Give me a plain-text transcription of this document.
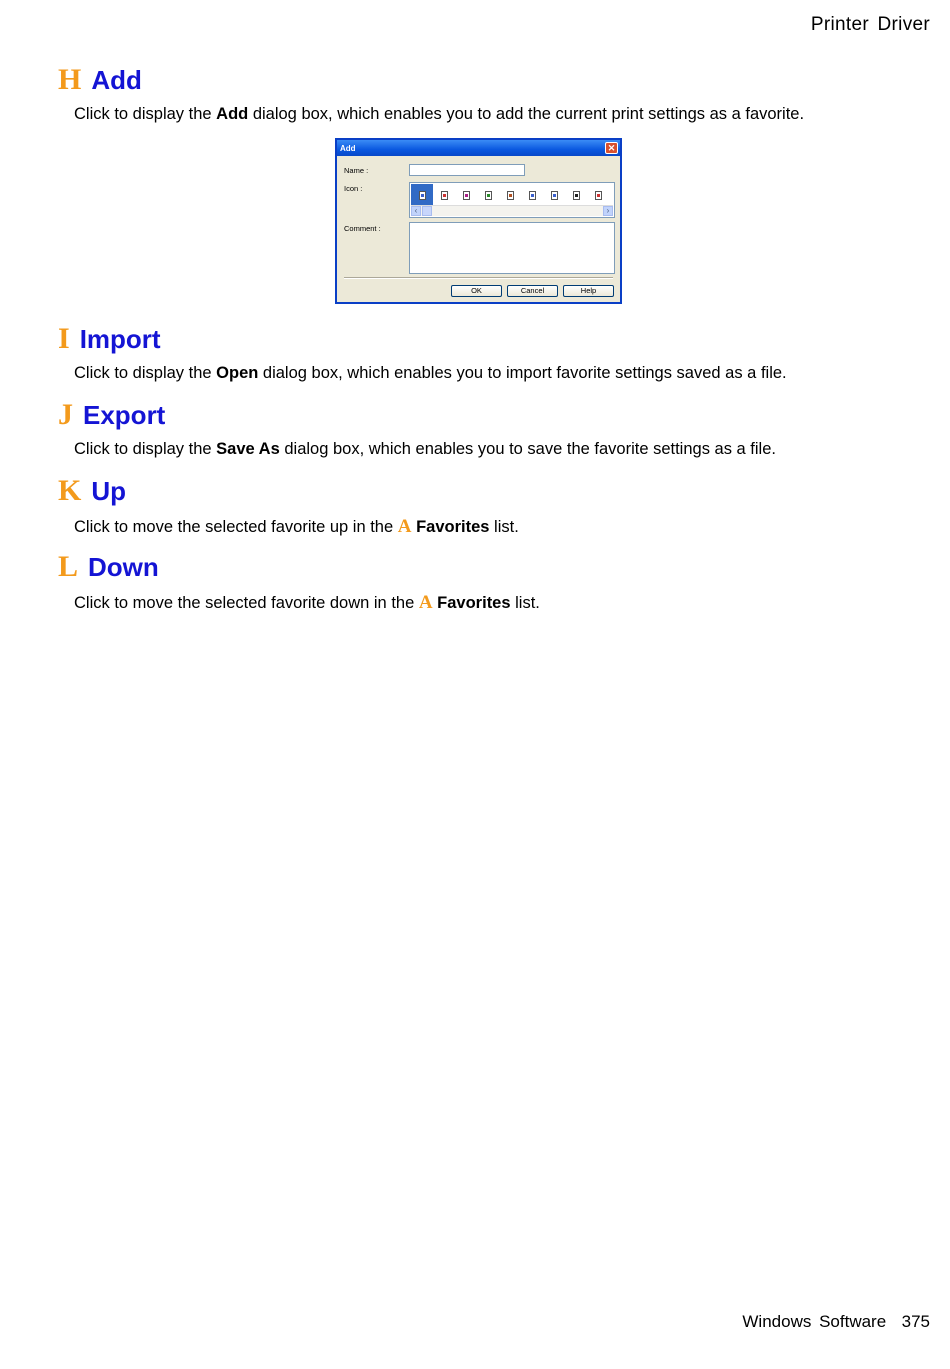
Printer Driver
H Add
Click to display the Add dialog box, which enables you to add the current print settings as a favorite.
Add	✕
Name :
Icon :
‹	›
Comment :
OK	Cancel	Help
I Import
Click to display the Open dialog box, which enables you to import favorite settings saved as a file.
J Export
Click to display the Save As dialog box, which enables you to save the favorite settings as a file.
K Up
Click to move the selected favorite up in the A Favorites list.
L Down
Click to move the selected favorite down in the A Favorites list.
Windows Software 375
